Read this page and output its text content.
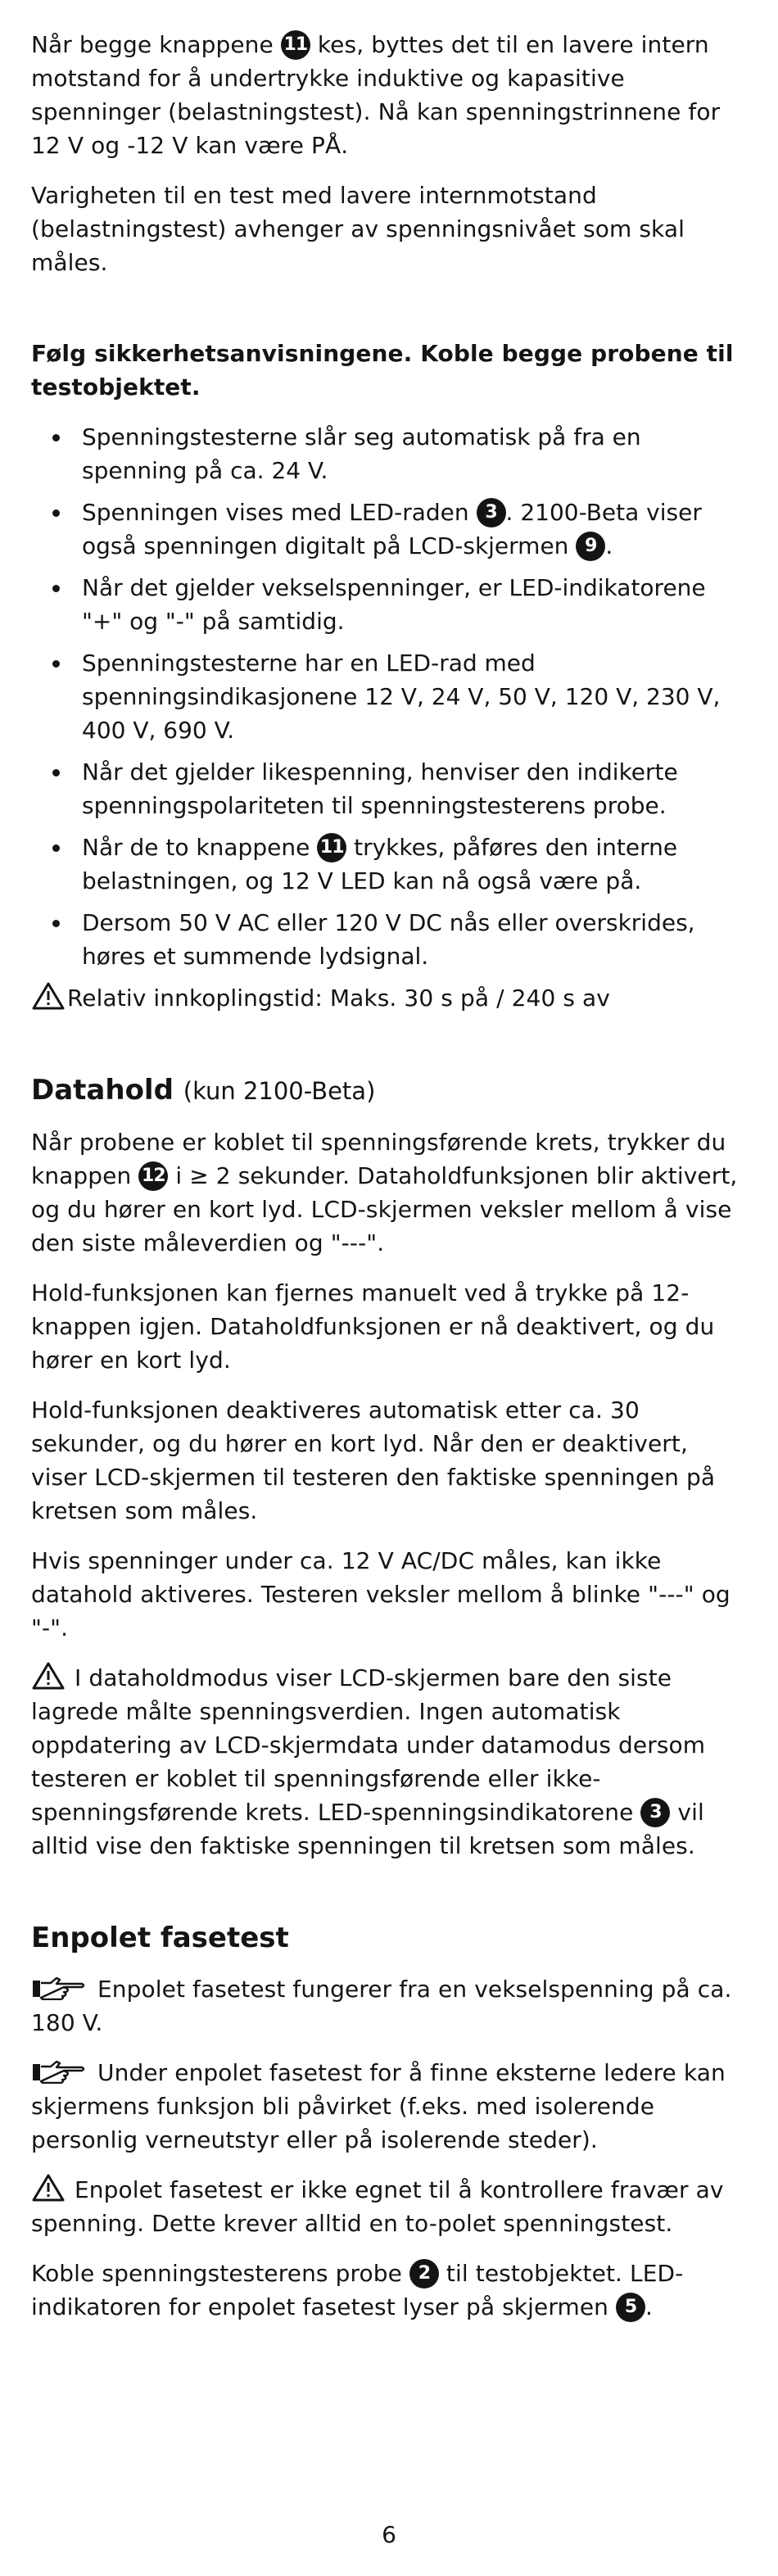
Når begge knappene 11 kes, byttes det til en lavere intern motstand for å undertrykke induktive og kapasitive spenninger (belastningstest). Nå kan spenningstrinnene for 12 V og -12 V kan være PÅ.

Varigheten til en test med lavere internmotstand (belastningstest) avhenger av spenningsnivået som skal måles.

Følg sikkerhetsanvisningene. Koble begge probene til testobjektet.

Spenningstesterne slår seg automatisk på fra en spenning på ca. 24 V.
Spenningen vises med LED-raden 3 . 2100-Beta viser også spenningen digitalt på LCD-skjermen 9 .
Når det gjelder vekselspenninger, er LED-indikatorene "+" og "-" på samtidig.
Spenningstesterne har en LED-rad med spenningsindikasjonene 12 V, 24 V, 50 V, 120 V, 230 V, 400 V, 690 V.
Når det gjelder likespenning, henviser den indikerte spenningspolariteten til spenningstesterens probe.
Når de to knappene 11 trykkes, påføres den interne belastningen, og 12 V LED kan nå også være på.
Dersom 50 V AC eller 120 V DC nås eller overskrides, høres et summende lydsignal.

Relativ innkoplingstid: Maks. 30 s på / 240 s av

Datahold (kun 2100-Beta)

Når probene er koblet til spenningsførende krets, trykker du knappen 12 i ≥ 2 sekunder. Dataholdfunksjonen blir aktivert, og du hører en kort lyd. LCD-skjermen veksler mellom å vise den siste måleverdien og "---".

Hold-funksjonen kan fjernes manuelt ved å trykke på 12-knappen igjen. Dataholdfunksjonen er nå deaktivert, og du hører en kort lyd.

Hold-funksjonen deaktiveres automatisk etter ca. 30 sekunder, og du hører en kort lyd. Når den er deaktivert, viser LCD-skjermen til testeren den faktiske spenningen på kretsen som måles.

Hvis spenninger under ca. 12 V AC/DC måles, kan ikke datahold aktiveres. Testeren veksler mellom å blinke "---" og "-".

I dataholdmodus viser LCD-skjermen bare den siste lagrede målte spenningsverdien. Ingen automatisk oppdatering av LCD-skjermdata under datamodus dersom testeren er koblet til spenningsførende eller ikke-spenningsførende krets. LED-spenningsindikatorene 3 vil alltid vise den faktiske spenningen til kretsen som måles.

Enpolet fasetest

Enpolet fasetest fungerer fra en vekselspenning på ca. 180 V.

Under enpolet fasetest for å finne eksterne ledere kan skjermens funksjon bli påvirket (f.eks. med isolerende personlig verneutstyr eller på isolerende steder).

Enpolet fasetest er ikke egnet til å kontrollere fravær av spenning. Dette krever alltid en to-polet spenningstest.

Koble spenningstesterens probe 2 til testobjektet. LED-indikatoren for enpolet fasetest lyser på skjermen 5 .

6
